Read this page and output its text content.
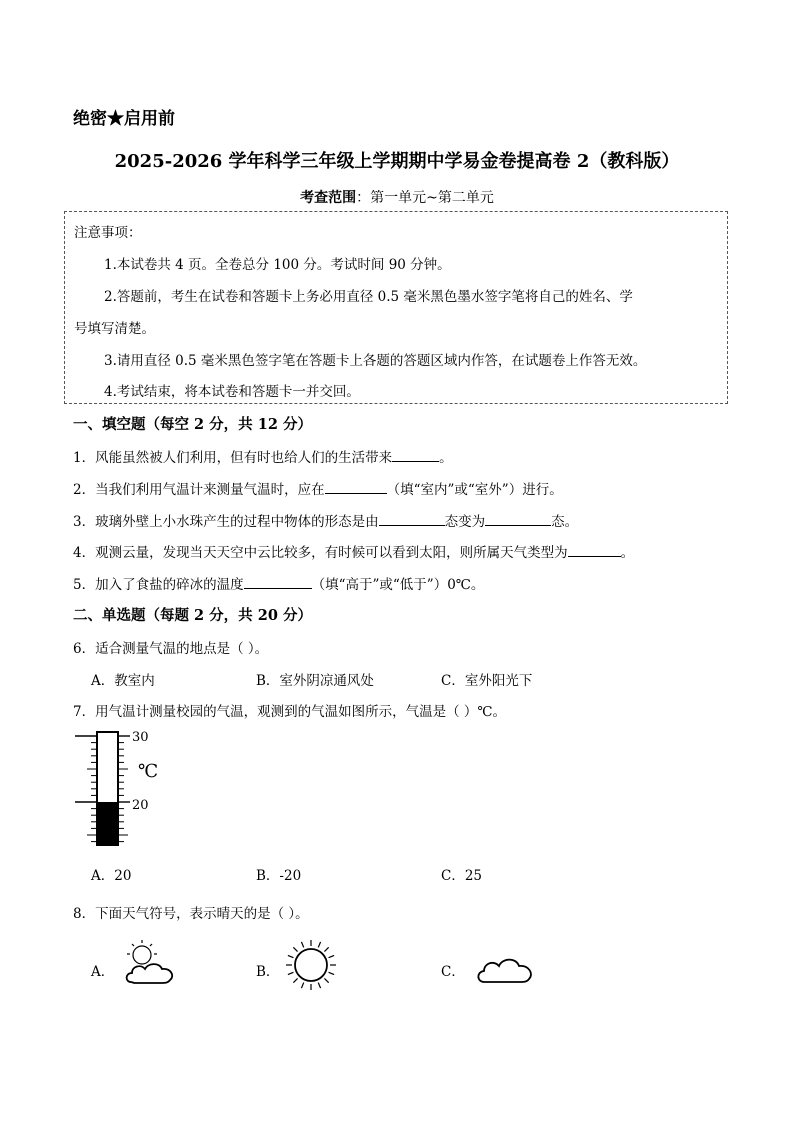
绝密★启用前
2025-2026 学年科学三年级上学期期中学易金卷提高卷 2（教科版）
考查范围：第一单元~第二单元
注意事项：
1.本试卷共 4 页。全卷总分 100 分。考试时间 90 分钟。
2.答题前，考生在试卷和答题卡上务必用直径 0.5 毫米黑色墨水签字笔将自己的姓名、学
号填写清楚。
3.请用直径 0.5 毫米黑色签字笔在答题卡上各题的答题区域内作答，在试题卷上作答无效。
4.考试结束，将本试卷和答题卡一并交回。
一、填空题（每空 2 分，共 12 分）
1．风能虽然被人们利用，但有时也给人们的生活带来	。
2．当我们利用气温计来测量气温时，应在	（填“室内”或“室外”）进行。
3．玻璃外壁上小水珠产生的过程中物体的形态是由	态变为	态。
4．观测云量，发现当天天空中云比较多，有时候可以看到太阳，则所属天气类型为	。
5．加入了食盐的碎冰的温度	（填“高于”或“低于”）0℃。
二、单选题（每题 2 分，共 20 分）
6．适合测量气温的地点是（ ）。
A．教室内	B．室外阴凉通风处	C．室外阳光下
7．用气温计测量校园的气温，观测到的气温如图所示，气温是（ ）℃。
30
20
℃
A．20	B．-20	C．25
8．下面天气符号，表示晴天的是（ ）。
A．	B．	C．
